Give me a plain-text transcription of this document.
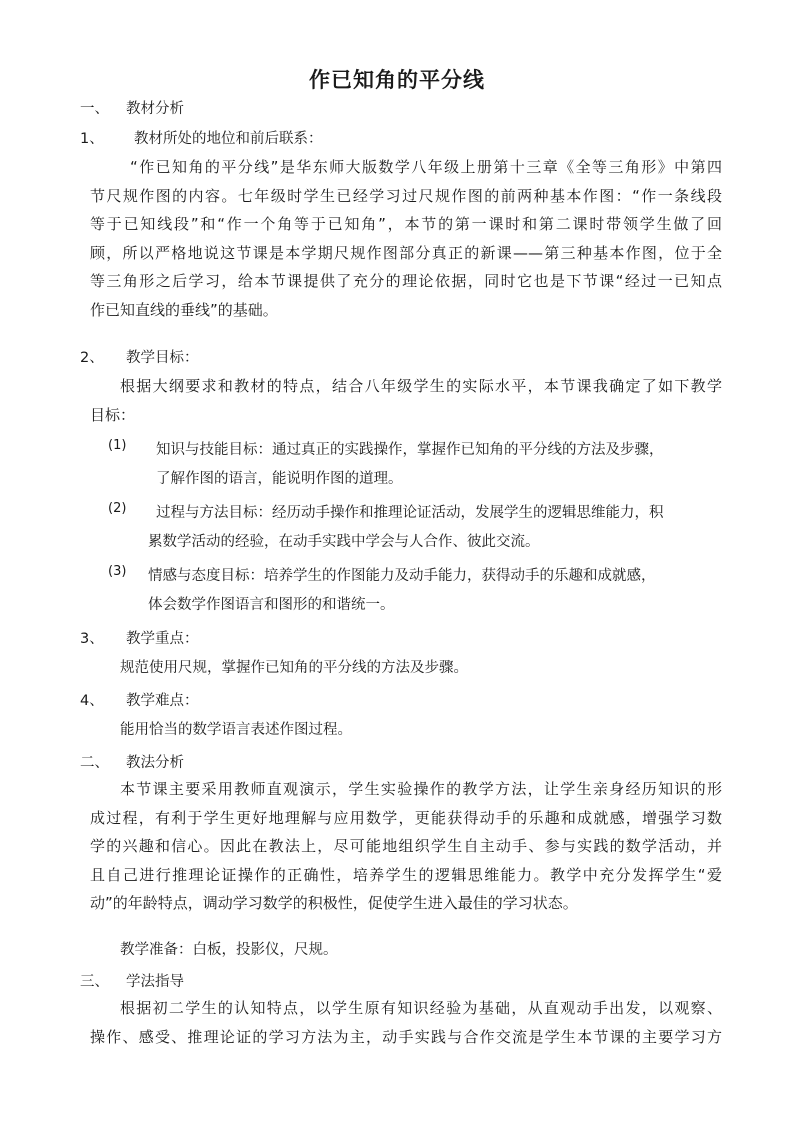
作已知角的平分线
一、 教材分析
1、 教材所处的地位和前后联系：
“作已知角的平分线”是华东师大版数学八年级上册第十三章《全等三角形》中第四
节尺规作图的内容。七年级时学生已经学习过尺规作图的前两种基本作图：“作一条线段
等于已知线段”和“作一个角等于已知角”，本节的第一课时和第二课时带领学生做了回
顾，所以严格地说这节课是本学期尺规作图部分真正的新课——第三种基本作图，位于全
等三角形之后学习，给本节课提供了充分的理论依据，同时它也是下节课“经过一已知点
作已知直线的垂线”的基础。
2、 教学目标：
根据大纲要求和教材的特点，结合八年级学生的实际水平，本节课我确定了如下教学
目标：
(1) 知识与技能目标：通过真正的实践操作，掌握作已知角的平分线的方法及步骤，
了解作图的语言，能说明作图的道理。
(2) 过程与方法目标：经历动手操作和推理论证活动，发展学生的逻辑思维能力，积
累数学活动的经验，在动手实践中学会与人合作、彼此交流。
(3) 情感与态度目标：培养学生的作图能力及动手能力，获得动手的乐趣和成就感，
体会数学作图语言和图形的和谐统一。
3、 教学重点：
规范使用尺规，掌握作已知角的平分线的方法及步骤。
4、 教学难点：
能用恰当的数学语言表述作图过程。
二、 教法分析
本节课主要采用教师直观演示，学生实验操作的教学方法，让学生亲身经历知识的形
成过程，有利于学生更好地理解与应用数学，更能获得动手的乐趣和成就感，增强学习数
学的兴趣和信心。因此在教法上，尽可能地组织学生自主动手、参与实践的数学活动，并
且自己进行推理论证操作的正确性，培养学生的逻辑思维能力。教学中充分发挥学生“爱
动”的年龄特点，调动学习数学的积极性，促使学生进入最佳的学习状态。
教学准备：白板，投影仪，尺规。
三、 学法指导
根据初二学生的认知特点，以学生原有知识经验为基础，从直观动手出发，以观察、
操作、感受、推理论证的学习方法为主，动手实践与合作交流是学生本节课的主要学习方
